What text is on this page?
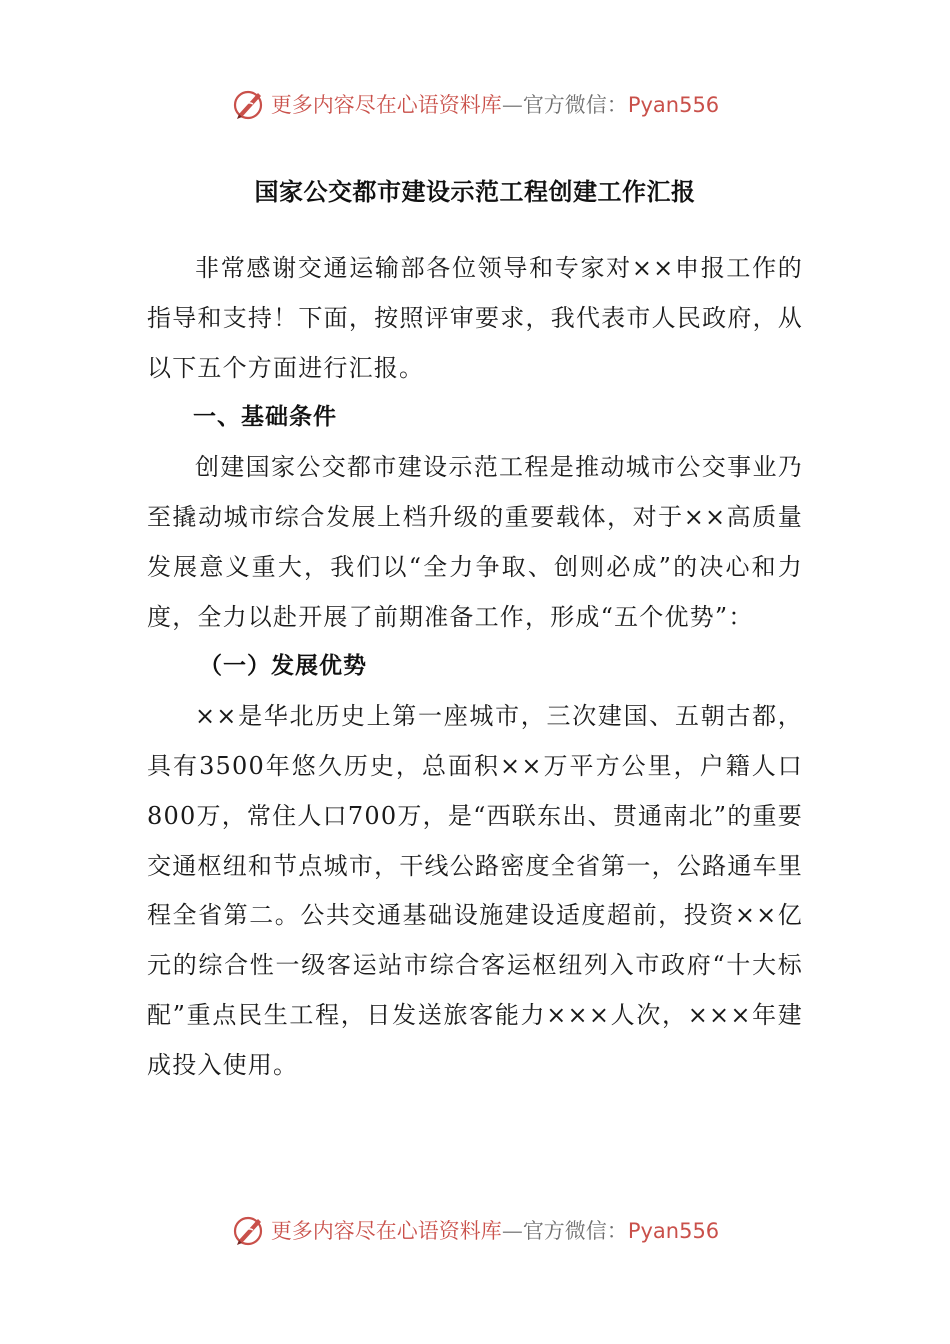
更多内容尽在心语资料库—官方微信：Pyan556
国家公交都市建设示范工程创建工作汇报

非常感谢交通运输部各位领导和专家对××申报工作的指导和支持！下面，按照评审要求，我代表市人民政府，从以下五个方面进行汇报。

一、基础条件

创建国家公交都市建设示范工程是推动城市公交事业乃至撬动城市综合发展上档升级的重要载体，对于××高质量发展意义重大，我们以“全力争取、创则必成”的决心和力度，全力以赴开展了前期准备工作，形成“五个优势”：

（一）发展优势

××是华北历史上第一座城市，三次建国、五朝古都，具有3500年悠久历史，总面积××万平方公里，户籍人口800万，常住人口700万，是“西联东出、贯通南北”的重要交通枢纽和节点城市，干线公路密度全省第一，公路通车里程全省第二。公共交通基础设施建设适度超前，投资××亿元的综合性一级客运站市综合客运枢纽列入市政府“十大标配”重点民生工程，日发送旅客能力×××人次，×××年建成投入使用。

更多内容尽在心语资料库—官方微信：Pyan556
